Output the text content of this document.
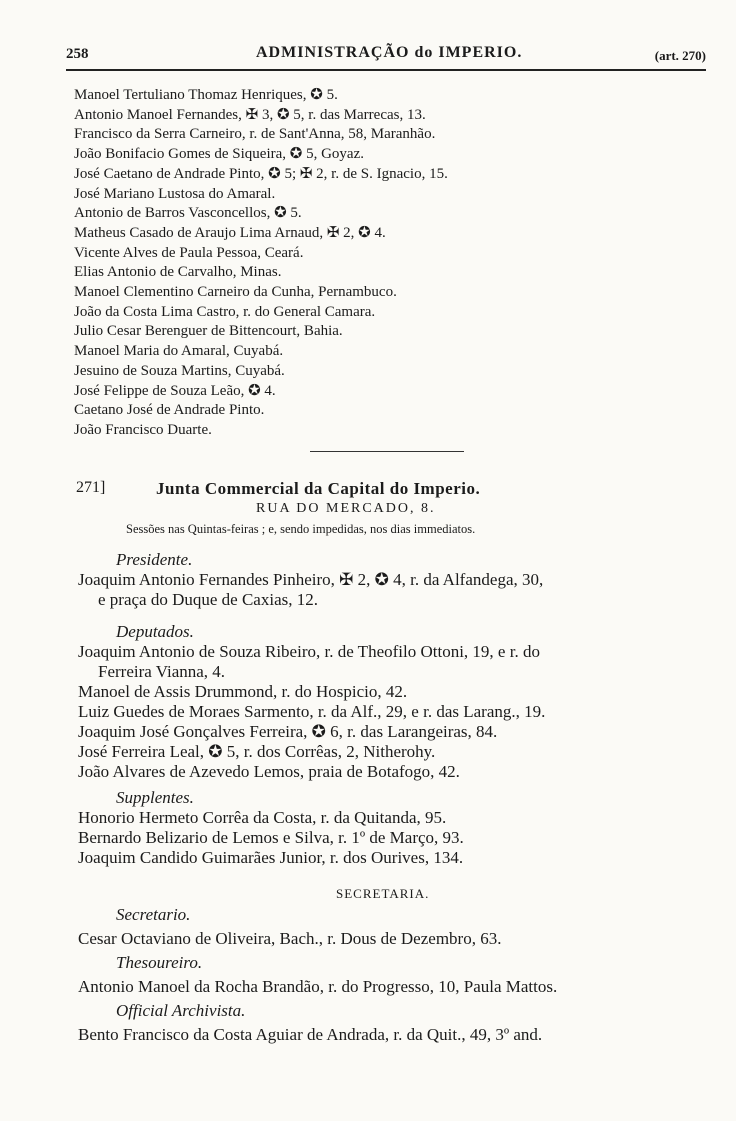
258	ADMINISTRAÇÃO do IMPERIO.	(art. 270)
Manoel Tertuliano Thomaz Henriques, ✪ 5.
Antonio Manoel Fernandes, ✠ 3, ✪ 5, r. das Marrecas, 13.
Francisco da Serra Carneiro, r. de Sant'Anna, 58, Maranhão.
João Bonifacio Gomes de Siqueira, ✪ 5, Goyaz.
José Caetano de Andrade Pinto, ✪ 5; ✠ 2, r. de S. Ignacio, 15.
José Mariano Lustosa do Amaral.
Antonio de Barros Vasconcellos, ✪ 5.
Matheus Casado de Araujo Lima Arnaud, ✠ 2, ✪ 4.
Vicente Alves de Paula Pessoa, Ceará.
Elias Antonio de Carvalho, Minas.
Manoel Clementino Carneiro da Cunha, Pernambuco.
João da Costa Lima Castro, r. do General Camara.
Julio Cesar Berenguer de Bittencourt, Bahia.
Manoel Maria do Amaral, Cuyabá.
Jesuino de Souza Martins, Cuyabá.
José Felippe de Souza Leão, ✪ 4.
Caetano José de Andrade Pinto.
João Francisco Duarte.
271]	Junta Commercial da Capital do Imperio.
RUA DO MERCADO, 8.
Sessões nas Quintas-feiras ; e, sendo impedidas, nos dias immediatos.
Presidente.
Joaquim Antonio Fernandes Pinheiro, ✠ 2, ✪ 4, r. da Alfandega, 30,
e praça do Duque de Caxias, 12.
Deputados.
Joaquim Antonio de Souza Ribeiro, r. de Theofilo Ottoni, 19, e r. do
Ferreira Vianna, 4.
Manoel de Assis Drummond, r. do Hospicio, 42.
Luiz Guedes de Moraes Sarmento, r. da Alf., 29, e r. das Larang., 19.
Joaquim José Gonçalves Ferreira, ✪ 6, r. das Larangeiras, 84.
José Ferreira Leal, ✪ 5, r. dos Corrêas, 2, Nitherohy.
João Alvares de Azevedo Lemos, praia de Botafogo, 42.
Supplentes.
Honorio Hermeto Corrêa da Costa, r. da Quitanda, 95.
Bernardo Belizario de Lemos e Silva, r. 1º de Março, 93.
Joaquim Candido Guimarães Junior, r. dos Ourives, 134.
SECRETARIA.
Secretario.
Cesar Octaviano de Oliveira, Bach., r. Dous de Dezembro, 63.
Thesoureiro.
Antonio Manoel da Rocha Brandão, r. do Progresso, 10, Paula Mattos.
Official Archivista.
Bento Francisco da Costa Aguiar de Andrada, r. da Quit., 49, 3º and.
